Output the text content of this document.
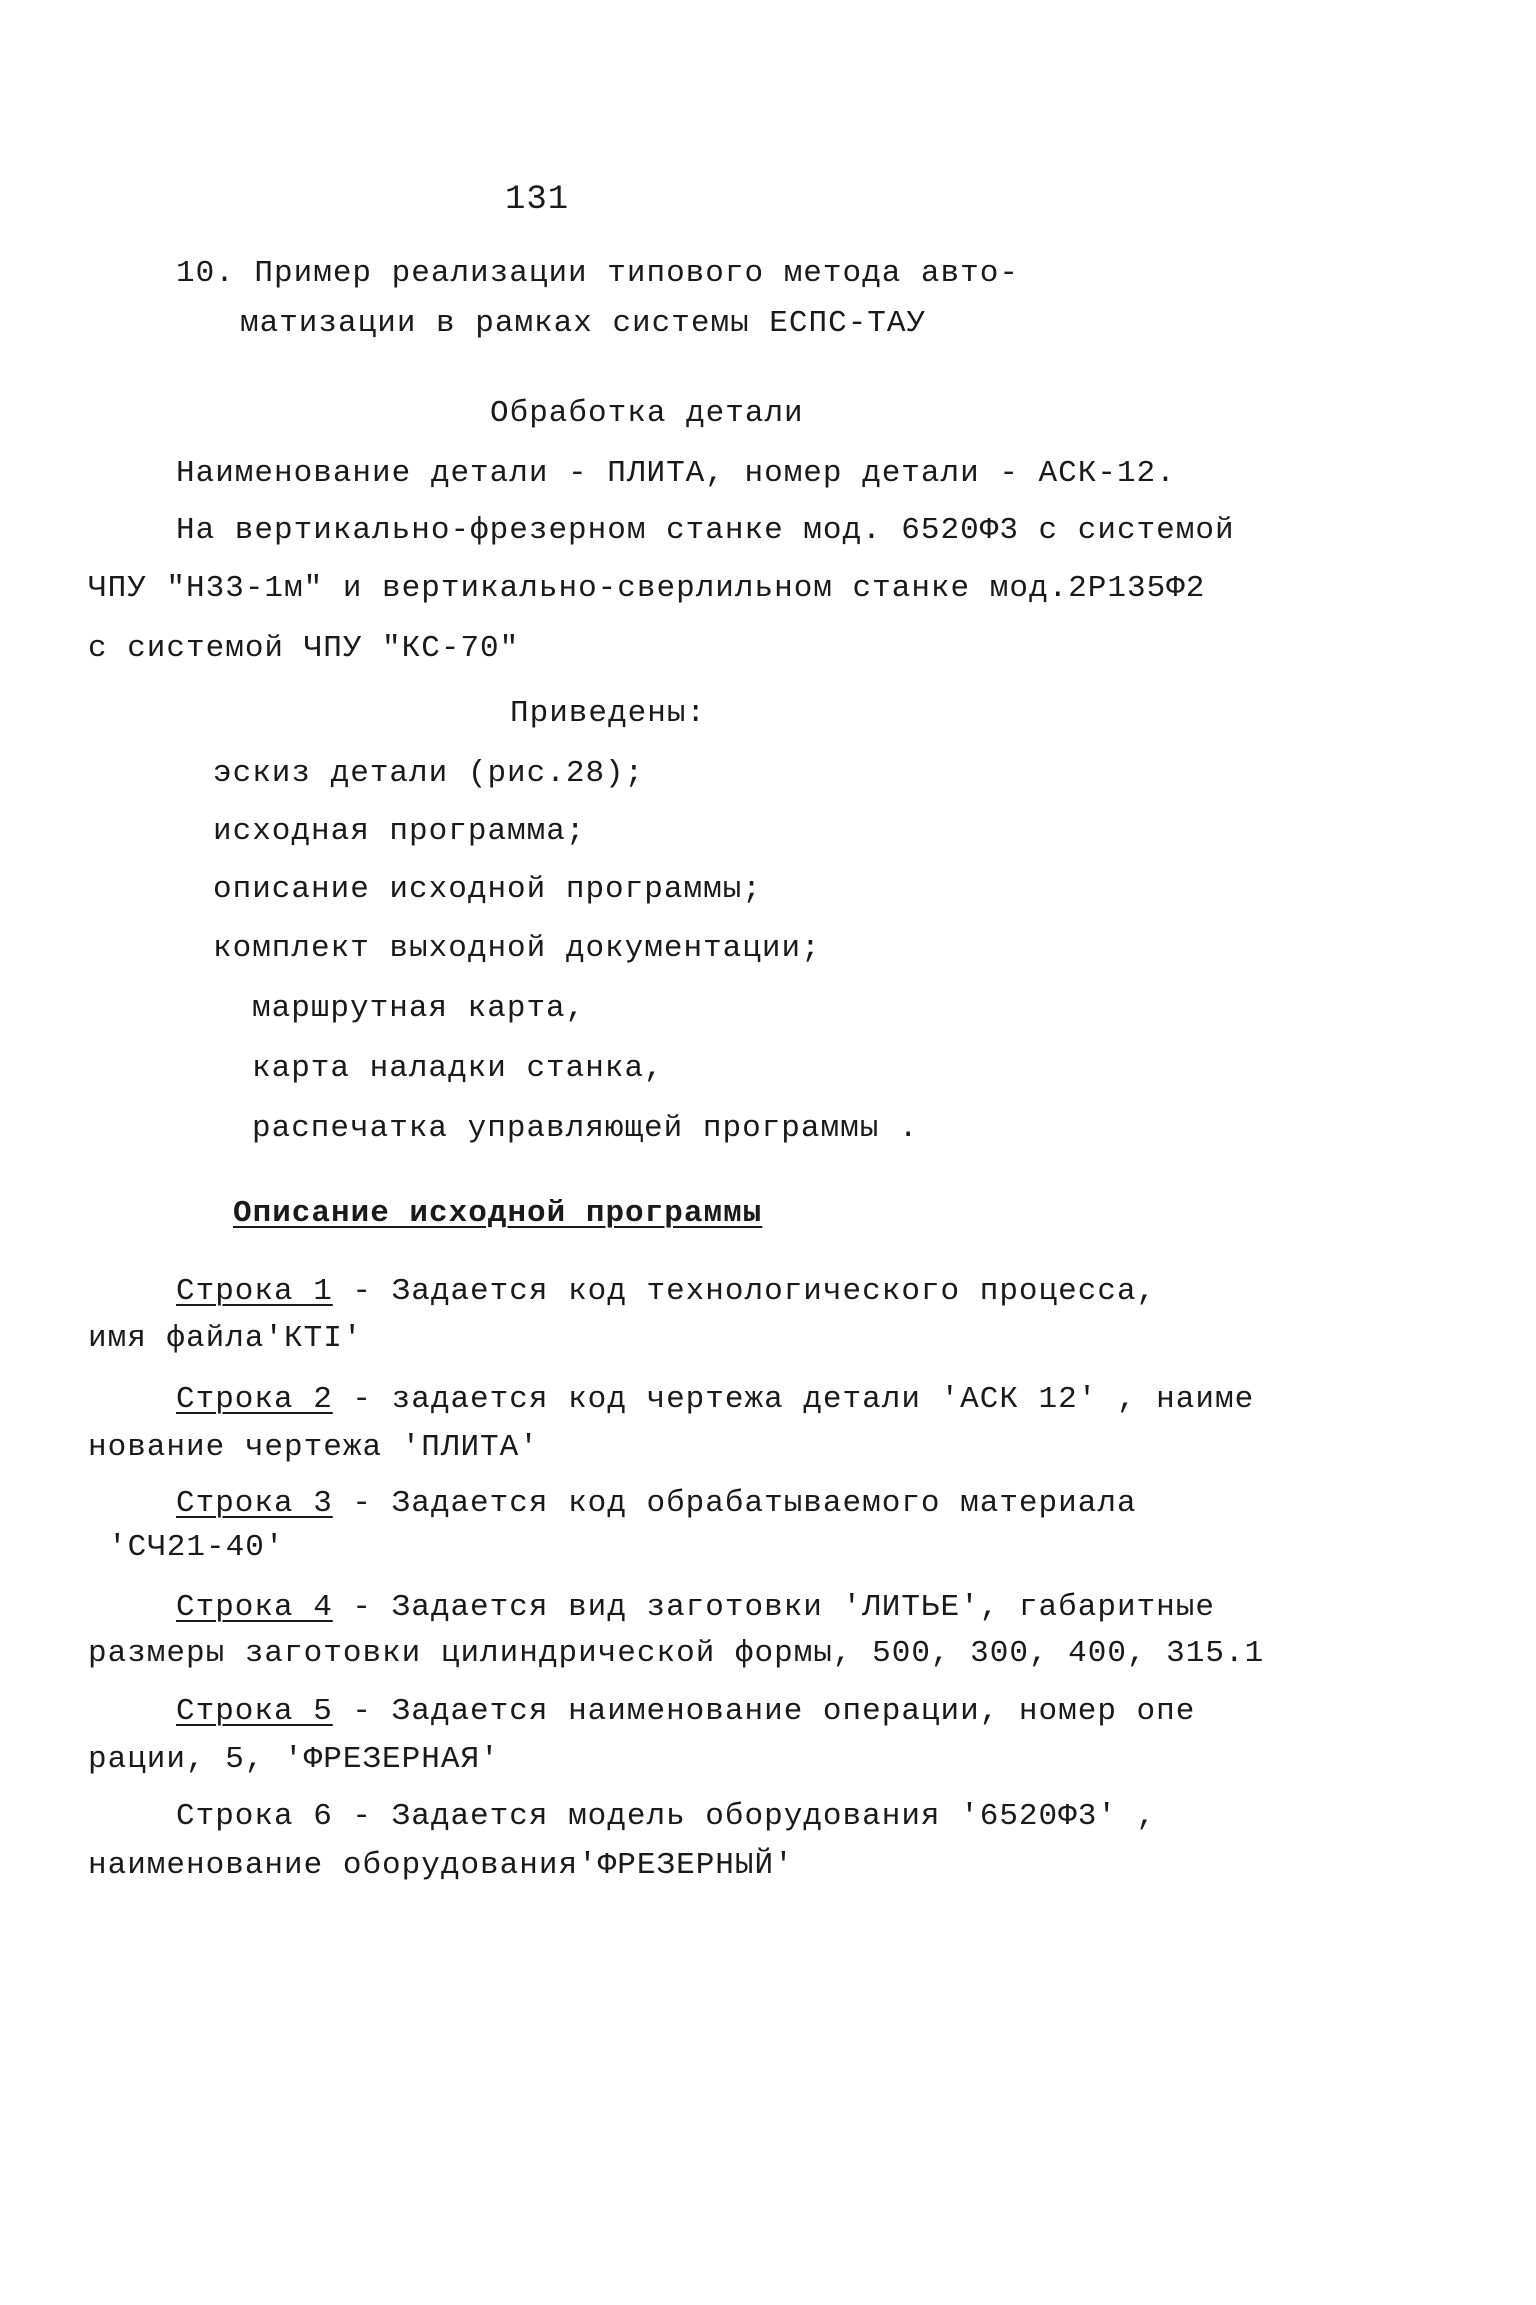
131
10. Пример реализации типового метода авто-
матизации в рамках системы ЕСПС-ТАУ
Обработка детали
Наименование детали - ПЛИТА, номер детали - АСК-12.
На вертикально-фрезерном станке мод. 6520Ф3 с системой
ЧПУ "Н33-1м" и вертикально-сверлильном станке мод.2Р135Ф2
с системой ЧПУ "КС-70"
Приведены:
эскиз детали (рис.28);
исходная программа;
описание исходной программы;
комплект выходной документации;
маршрутная карта,
карта наладки станка,
распечатка управляющей программы .
Описание исходной программы
Строка 1 - Задается код технологического процесса,
имя файла'КТI'
Строка 2 - задается код чертежа детали 'АСК 12' , наиме
нование чертежа 'ПЛИТА'
Строка 3 - Задается код обрабатываемого материала
'СЧ21-40'
Строка 4 - Задается вид заготовки 'ЛИТЬЕ', габаритные
размеры заготовки цилиндрической формы, 500, 300, 400, 315.1
Строка 5 - Задается наименование операции, номер опе
рации, 5, 'ФРЕЗЕРНАЯ'
Строка 6 - Задается модель оборудования '6520Ф3' ,
наименование оборудования'ФРЕЗЕРНЫЙ'
